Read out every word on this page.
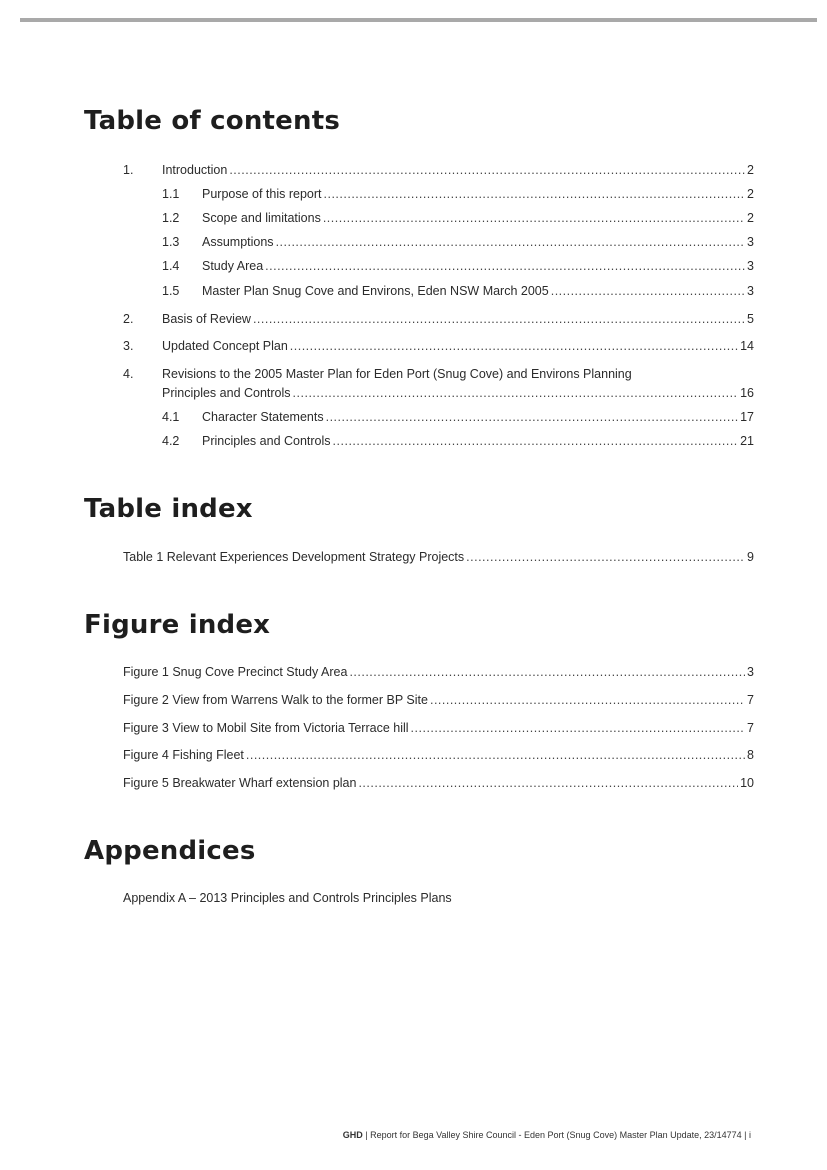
Table of contents
1.	Introduction .....	2
1.1	Purpose of this report .....	2
1.2	Scope and limitations .....	2
1.3	Assumptions .....	3
1.4	Study Area .....	3
1.5	Master Plan Snug Cove and Environs, Eden NSW March 2005 .....	3
2.	Basis of Review .....	5
3.	Updated Concept Plan .....	14
4. Revisions to the 2005 Master Plan for Eden Port (Snug Cove) and Environs Planning
Principles and Controls .....	16
4.1	Character Statements .....	17
4.2	Principles and Controls .....	21
Table index
Table 1 Relevant Experiences Development Strategy Projects .....	9
Figure index
Figure 1 Snug Cove Precinct Study Area .....	3
Figure 2 View from Warrens Walk to the former BP Site .....	7
Figure 3 View to Mobil Site from Victoria Terrace hill .....	7
Figure 4 Fishing Fleet .....	8
Figure 5 Breakwater Wharf extension plan .....	10
Appendices
Appendix A – 2013 Principles and Controls Principles Plans
GHD | Report for Bega Valley Shire Council - Eden Port (Snug Cove) Master Plan Update, 23/14774 | i
